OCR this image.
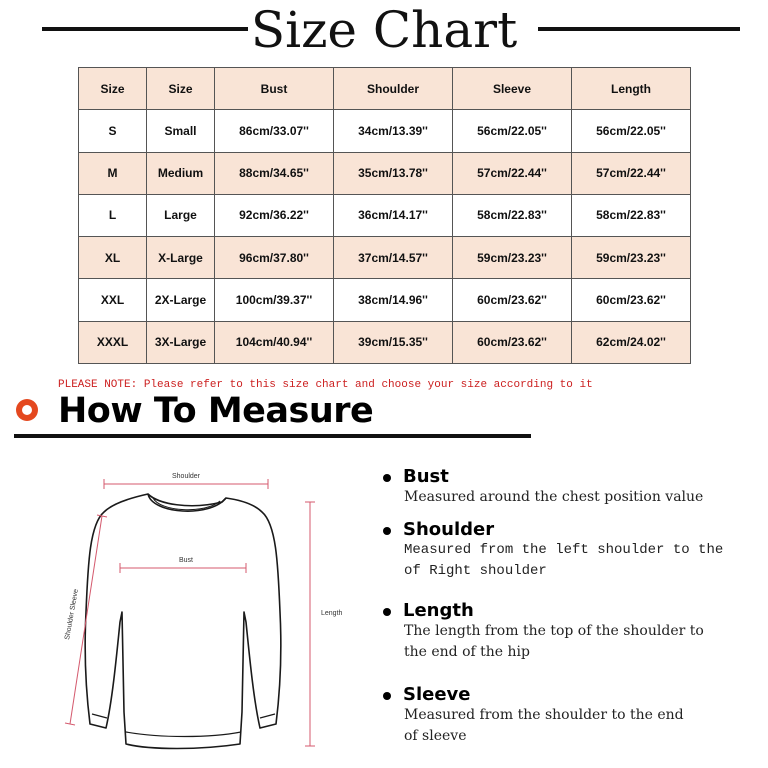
Size Chart
Size	Size	Bust	Shoulder	Sleeve	Length
S	Small	86cm/33.07''	34cm/13.39''	56cm/22.05''	56cm/22.05''
M	Medium	88cm/34.65''	35cm/13.78''	57cm/22.44''	57cm/22.44''
L	Large	92cm/36.22''	36cm/14.17''	58cm/22.83''	58cm/22.83''
XL	X-Large	96cm/37.80''	37cm/14.57''	59cm/23.23''	59cm/23.23''
XXL	2X-Large	100cm/39.37''	38cm/14.96''	60cm/23.62''	60cm/23.62''
XXXL	3X-Large	104cm/40.94''	39cm/15.35''	60cm/23.62''	62cm/24.02''
PLEASE NOTE: Please refer to this size chart and choose your size according to it
How To Measure
Shoulder
Bust
Length
Shoulder Sleeve
Bust
Measured around the chest position value
Shoulder
Measured from the left shoulder to the
of Right shoulder
Length
The length from the top of the shoulder to
the end of the hip
Sleeve
Measured from the shoulder to the end
of sleeve
